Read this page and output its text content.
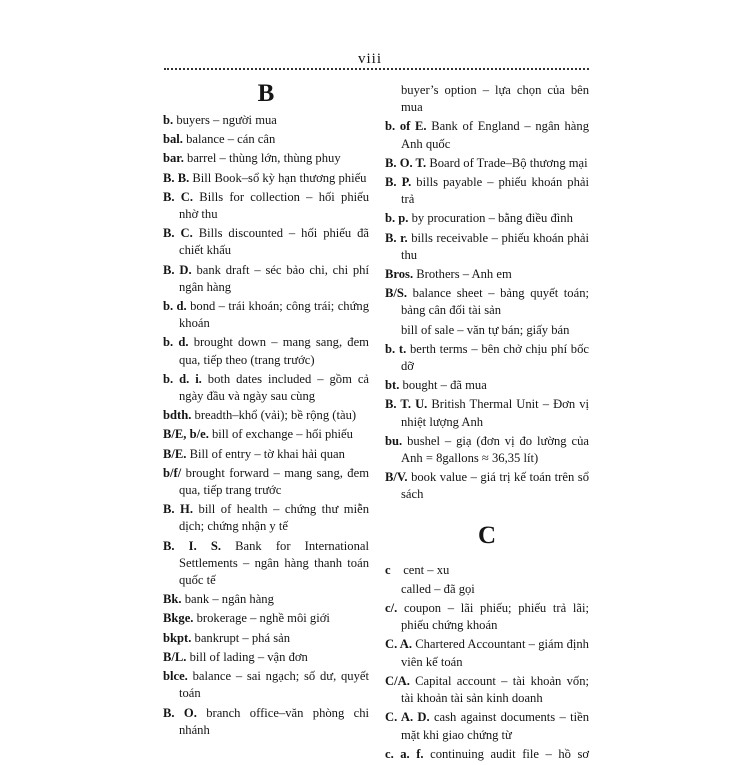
viii
B
b. buyers – người mua
bal. balance – cán cân
bar. barrel – thùng lớn, thùng phuy
B. B. Bill Book–sổ kỳ hạn thương phiếu
B. C. Bills for collection – hối phiếu nhờ thu
B. C. Bills discounted – hối phiếu đã chiết khấu
B. D. bank draft – séc bảo chi, chi phí ngân hàng
b. d. bond – trái khoán; công trái; chứng khoán
b. d. brought down – mang sang, đem qua, tiếp theo (trang trước)
b. d. i. both dates included – gồm cả ngày đầu và ngày sau cùng
bdth. breadth–khổ (vải); bề rộng (tàu)
B/E, b/e. bill of exchange – hối phiếu
B/E. Bill of entry – tờ khai hải quan
b/f/ brought forward – mang sang, đem qua, tiếp trang trước
B. H. bill of health – chứng thư miễn dịch; chứng nhận y tế
B. I. S. Bank for International Settlements – ngân hàng thanh toán quốc tế
Bk. bank – ngân hàng
Bkge. brokerage – nghề môi giới
bkpt. bankrupt – phá sản
B/L. bill of lading – vận đơn
blce. balance – sai ngạch; số dư, quyết toán
B. O. branch office–văn phòng chi nhánh
buyer’s option – lựa chọn của bên mua
b. of E. Bank of England – ngân hàng Anh quốc
B. O. T. Board of Trade–Bộ thương mại
B. P. bills payable – phiếu khoán phải trả
b. p. by procuration – bằng điều đình
B. r. bills receivable – phiếu khoán phải thu
Bros. Brothers – Anh em
B/S. balance sheet – bảng quyết toán; bảng cân đối tài sản
bill of sale – văn tự bán; giấy bán
b. t. berth terms – bên chở chịu phí bốc dỡ
bt. bought – đã mua
B. T. U. British Thermal Unit – Đơn vị nhiệt lượng Anh
bu. bushel – giạ (đơn vị đo lường của Anh = 8gallons ≈ 36,35 lít)
B/V. book value – giá trị kế toán trên sổ sách
C
c cent – xu
called – đã gọi
c/. coupon – lãi phiếu; phiếu trả lãi; phiếu chứng khoán
C. A. Chartered Accountant – giám định viên kế toán
C/A. Capital account – tài khoản vốn; tài khoản tài sản kinh doanh
C. A. D. cash against documents – tiền mặt khi giao chứng từ
c. a. f. continuing audit file – hồ sơ
